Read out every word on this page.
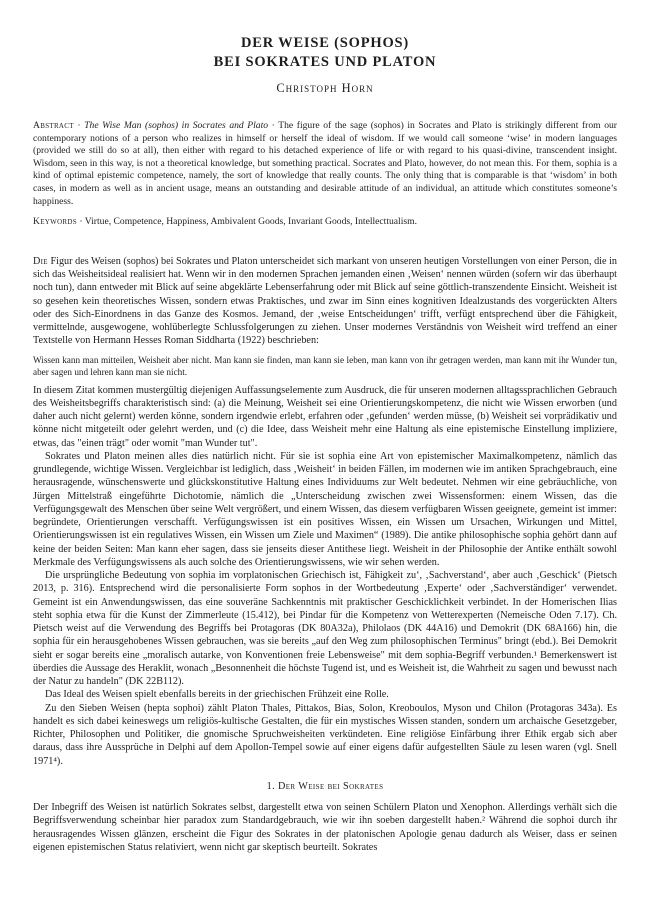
DER WEISE (SOPHOS)
BEI SOKRATES UND PLATON
Christoph Horn
Abstract · The Wise Man (sophos) in Socrates and Plato · The figure of the sage (sophos) in Socrates and Plato is strikingly different from our contemporary notions of a person who realizes in himself or herself the ideal of wisdom. If we would call someone ‘wise’ in modern languages (provided we still do so at all), then either with regard to his detached experience of life or with regard to his quasi-divine, transcendent insight. Wisdom, seen in this way, is not a theoretical knowledge, but something practical. Socrates and Plato, however, do not mean this. For them, sophia is a kind of optimal epistemic competence, namely, the sort of knowledge that really counts. The only thing that is comparable is that ‘wisdom’ in both cases, in modern as well as in ancient usage, means an outstanding and desirable attitude of an individual, an attitude which constitutes someone’s happiness.
Keywords · Virtue, Competence, Happiness, Ambivalent Goods, Invariant Goods, Intellecttualism.

Die Figur des Weisen (sophos) bei Sokrates und Platon unterscheidet sich markant von unseren heutigen Vorstellungen von einer Person, die in sich das Weisheitsideal realisiert hat. Wenn wir in den modernen Sprachen jemanden einen ‚Weisen‘ nennen würden (sofern wir das überhaupt noch tun), dann entweder mit Blick auf seine abgeklärte Lebenserfahrung oder mit Blick auf seine göttlich-transzendente Einsicht. Weisheit ist so gesehen kein theoretisches Wissen, sondern etwas Praktisches, und zwar im Sinn eines kognitiven Idealzustands des vorgerückten Alters oder des Sich-Einordnens in das Ganze des Kosmos. Jemand, der ‚weise Entscheidungen‘ trifft, verfügt entsprechend über die Fähigkeit, vermittelnde, ausgewogene, wohlüberlegte Schlussfolgerungen zu ziehen. Unser modernes Verständnis von Weisheit wird treffend an einer Textstelle von Hermann Hesses Roman Siddharta (1922) beschrieben:

Wissen kann man mitteilen, Weisheit aber nicht. Man kann sie finden, man kann sie leben, man kann von ihr getragen werden, man kann mit ihr Wunder tun, aber sagen und lehren kann man sie nicht.

In diesem Zitat kommen mustergültig diejenigen Auffassungselemente zum Ausdruck, die für unseren modernen alltagssprachlichen Gebrauch des Weisheitsbegriffs charakteristisch sind: (a) die Meinung, Weisheit sei eine Orientierungskompetenz, die nicht wie Wissen erworben (und daher auch nicht gelernt) werden könne, sondern irgendwie erlebt, erfahren oder ‚gefunden‘ werden müsse, (b) Weisheit sei vorprädikativ und könne nicht mitgeteilt oder gelehrt werden, und (c) die Idee, dass Weisheit mehr eine Haltung als eine epistemische Einstellung impliziere, etwas, das "einen trägt" oder womit "man Wunder tut".

Sokrates und Platon meinen alles dies natürlich nicht. Für sie ist sophia eine Art von epistemischer Maximalkompetenz, nämlich das grundlegende, wichtige Wissen. Vergleichbar ist lediglich, dass ‚Weisheit‘ in beiden Fällen, im modernen wie im antiken Sprachgebrauch, eine herausragende, wünschenswerte und glückskonstitutive Haltung eines Individuums zur Welt bedeutet. Nehmen wir eine gebräuchliche, von Jürgen Mittelstraß eingeführte Dichotomie, nämlich die „Unterscheidung zwischen zwei Wissensformen: einem Wissen, das die Verfügungsgewalt des Menschen über seine Welt vergrößert, und einem Wissen, das diesem verfügbaren Wissen geeignete, gemeint ist immer: begründete, Orientierungen verschafft. Verfügungswissen ist ein positives Wissen, ein Wissen um Ursachen, Wirkungen und Mittel, Orientierungswissen ist ein regulatives Wissen, ein Wissen um Ziele und Maximen“ (1989). Die antike philosophische sophia gehört dann auf keine der beiden Seiten: Man kann eher sagen, dass sie jenseits dieser Antithese liegt. Weisheit in der Philosophie der Antike enthält sowohl Merkmale des Verfügungswissens als auch solche des Orientierungswissens, wie wir sehen werden.

Die ursprüngliche Bedeutung von sophia im vorplatonischen Griechisch ist, Fähigkeit zu‘, ‚Sachverstand‘, aber auch ‚Geschick‘ (Pietsch 2013, p. 316). Entsprechend wird die personalisierte Form sophos in der Wortbedeutung ‚Experte‘ oder ‚Sachverständiger‘ verwendet. Gemeint ist ein Anwendungswissen, das eine souveräne Sachkenntnis mit praktischer Geschicklichkeit verbindet. In der Homerischen Ilias steht sophia etwa für die Kunst der Zimmerleute (15.412), bei Pindar für die Kompetenz von Wetterexperten (Nemeische Oden 7.17). Ch. Pietsch weist auf die Verwendung des Begriffs bei Protagoras (DK 80A32a), Philolaos (DK 44A16) und Demokrit (DK 68A166) hin, die sophia für ein herausgehobenes Wissen gebrauchen, was sie bereits „auf den Weg zum philosophischen Terminus" bringt (ebd.). Bei Demokrit sieht er sogar bereits eine „moralisch autarke, von Konventionen freie Lebensweise" mit dem sophia-Begriff verbunden.¹ Bemerkenswert ist überdies die Aussage des Heraklit, wonach „Besonnenheit die höchste Tugend ist, und es Weisheit ist, die Wahrheit zu sagen und bewusst nach der Natur zu handeln" (DK 22B112).

Das Ideal des Weisen spielt ebenfalls bereits in der griechischen Frühzeit eine Rolle.

Zu den Sieben Weisen (hepta sophoi) zählt Platon Thales, Pittakos, Bias, Solon, Kreoboulos, Myson und Chilon (Protagoras 343a). Es handelt es sich dabei keineswegs um religiös-kultische Gestalten, die für ein mystisches Wissen standen, sondern um archaische Gesetzgeber, Richter, Philosophen und Politiker, die gnomische Spruchweisheiten verkündeten. Eine religiöse Einfärbung ihrer Ethik ergab sich aber daraus, dass ihre Aussprüche in Delphi auf dem Apollon-Tempel sowie auf einer eigens dafür aufgestellten Säule zu lesen waren (vgl. Snell 1971⁴).

1. Der Weise bei Sokrates

Der Inbegriff des Weisen ist natürlich Sokrates selbst, dargestellt etwa von seinen Schülern Platon und Xenophon. Allerdings verhält sich die Begriffsverwendung scheinbar hier paradox zum Standardgebrauch, wie wir ihn soeben dargestellt haben.² Während die sophoi durch ihr herausragendes Wissen glänzen, erscheint die Figur des Sokrates in der platonischen Apologie genau dadurch als Weiser, dass er seinen eigenen epistemischen Status relativiert, wenn nicht gar skeptisch beurteilt. Sokrates
